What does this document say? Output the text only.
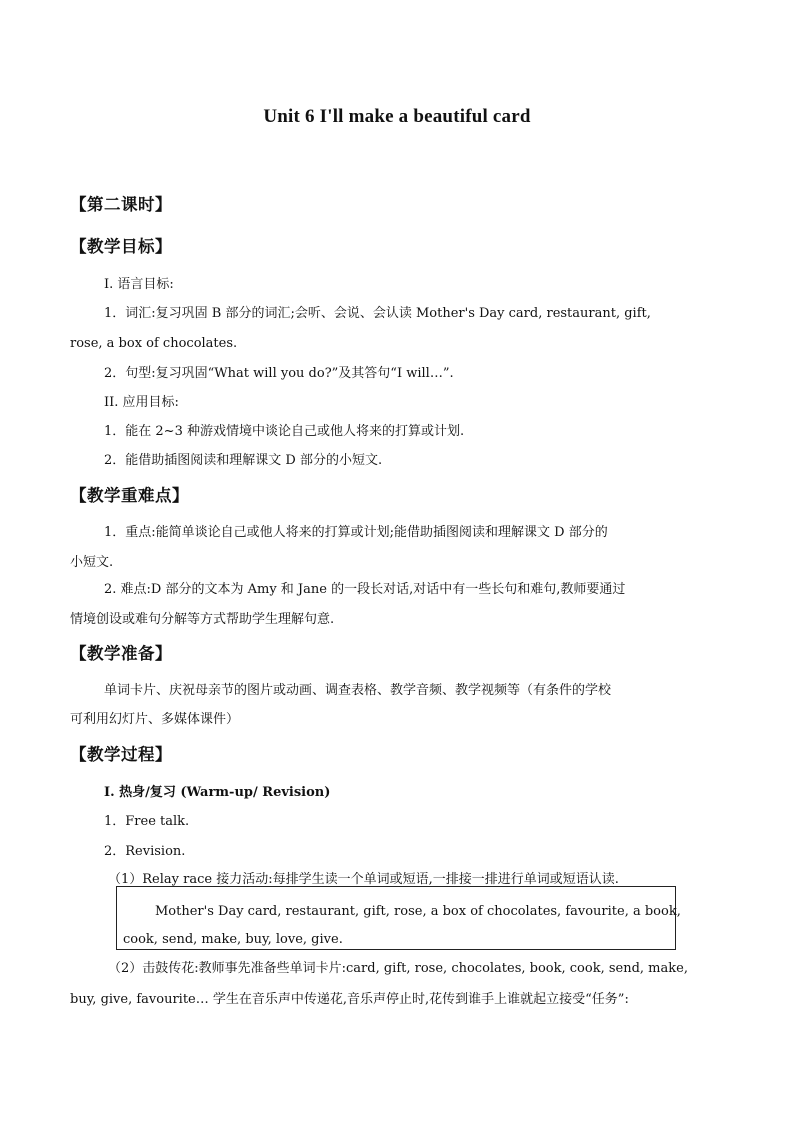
Unit 6 I'll make a beautiful card
【第二课时】
【教学目标】
I. 语言目标:
1．词汇:复习巩固 B 部分的词汇;会听、会说、会认读 Mother's Day card, restaurant, gift,
rose, a box of chocolates.
2．句型:复习巩固“What will you do?”及其答句“I will…”.
II. 应用目标:
1．能在 2~3 种游戏情境中谈论自己或他人将来的打算或计划.
2．能借助插图阅读和理解课文 D 部分的小短文.
【教学重难点】
1．重点:能简单谈论自己或他人将来的打算或计划;能借助插图阅读和理解课文 D 部分的
小短文.
2. 难点:D 部分的文本为 Amy 和 Jane 的一段长对话,对话中有一些长句和难句,教师要通过
情境创设或难句分解等方式帮助学生理解句意.
【教学准备】
单词卡片、庆祝母亲节的图片或动画、调查表格、教学音频、教学视频等（有条件的学校
可利用幻灯片、多媒体课件）
【教学过程】
I. 热身/复习 (Warm-up/ Revision)
1．Free talk.
2．Revision.
（1）Relay race 接力活动:每排学生读一个单词或短语,一排接一排进行单词或短语认读.
Mother's Day card, restaurant, gift, rose, a box of chocolates, favourite, a book,
cook, send, make, buy, love, give.
（2）击鼓传花:教师事先准备些单词卡片:card, gift, rose, chocolates, book, cook, send, make,
buy, give, favourite… 学生在音乐声中传递花,音乐声停止时,花传到谁手上谁就起立接受“任务”:
